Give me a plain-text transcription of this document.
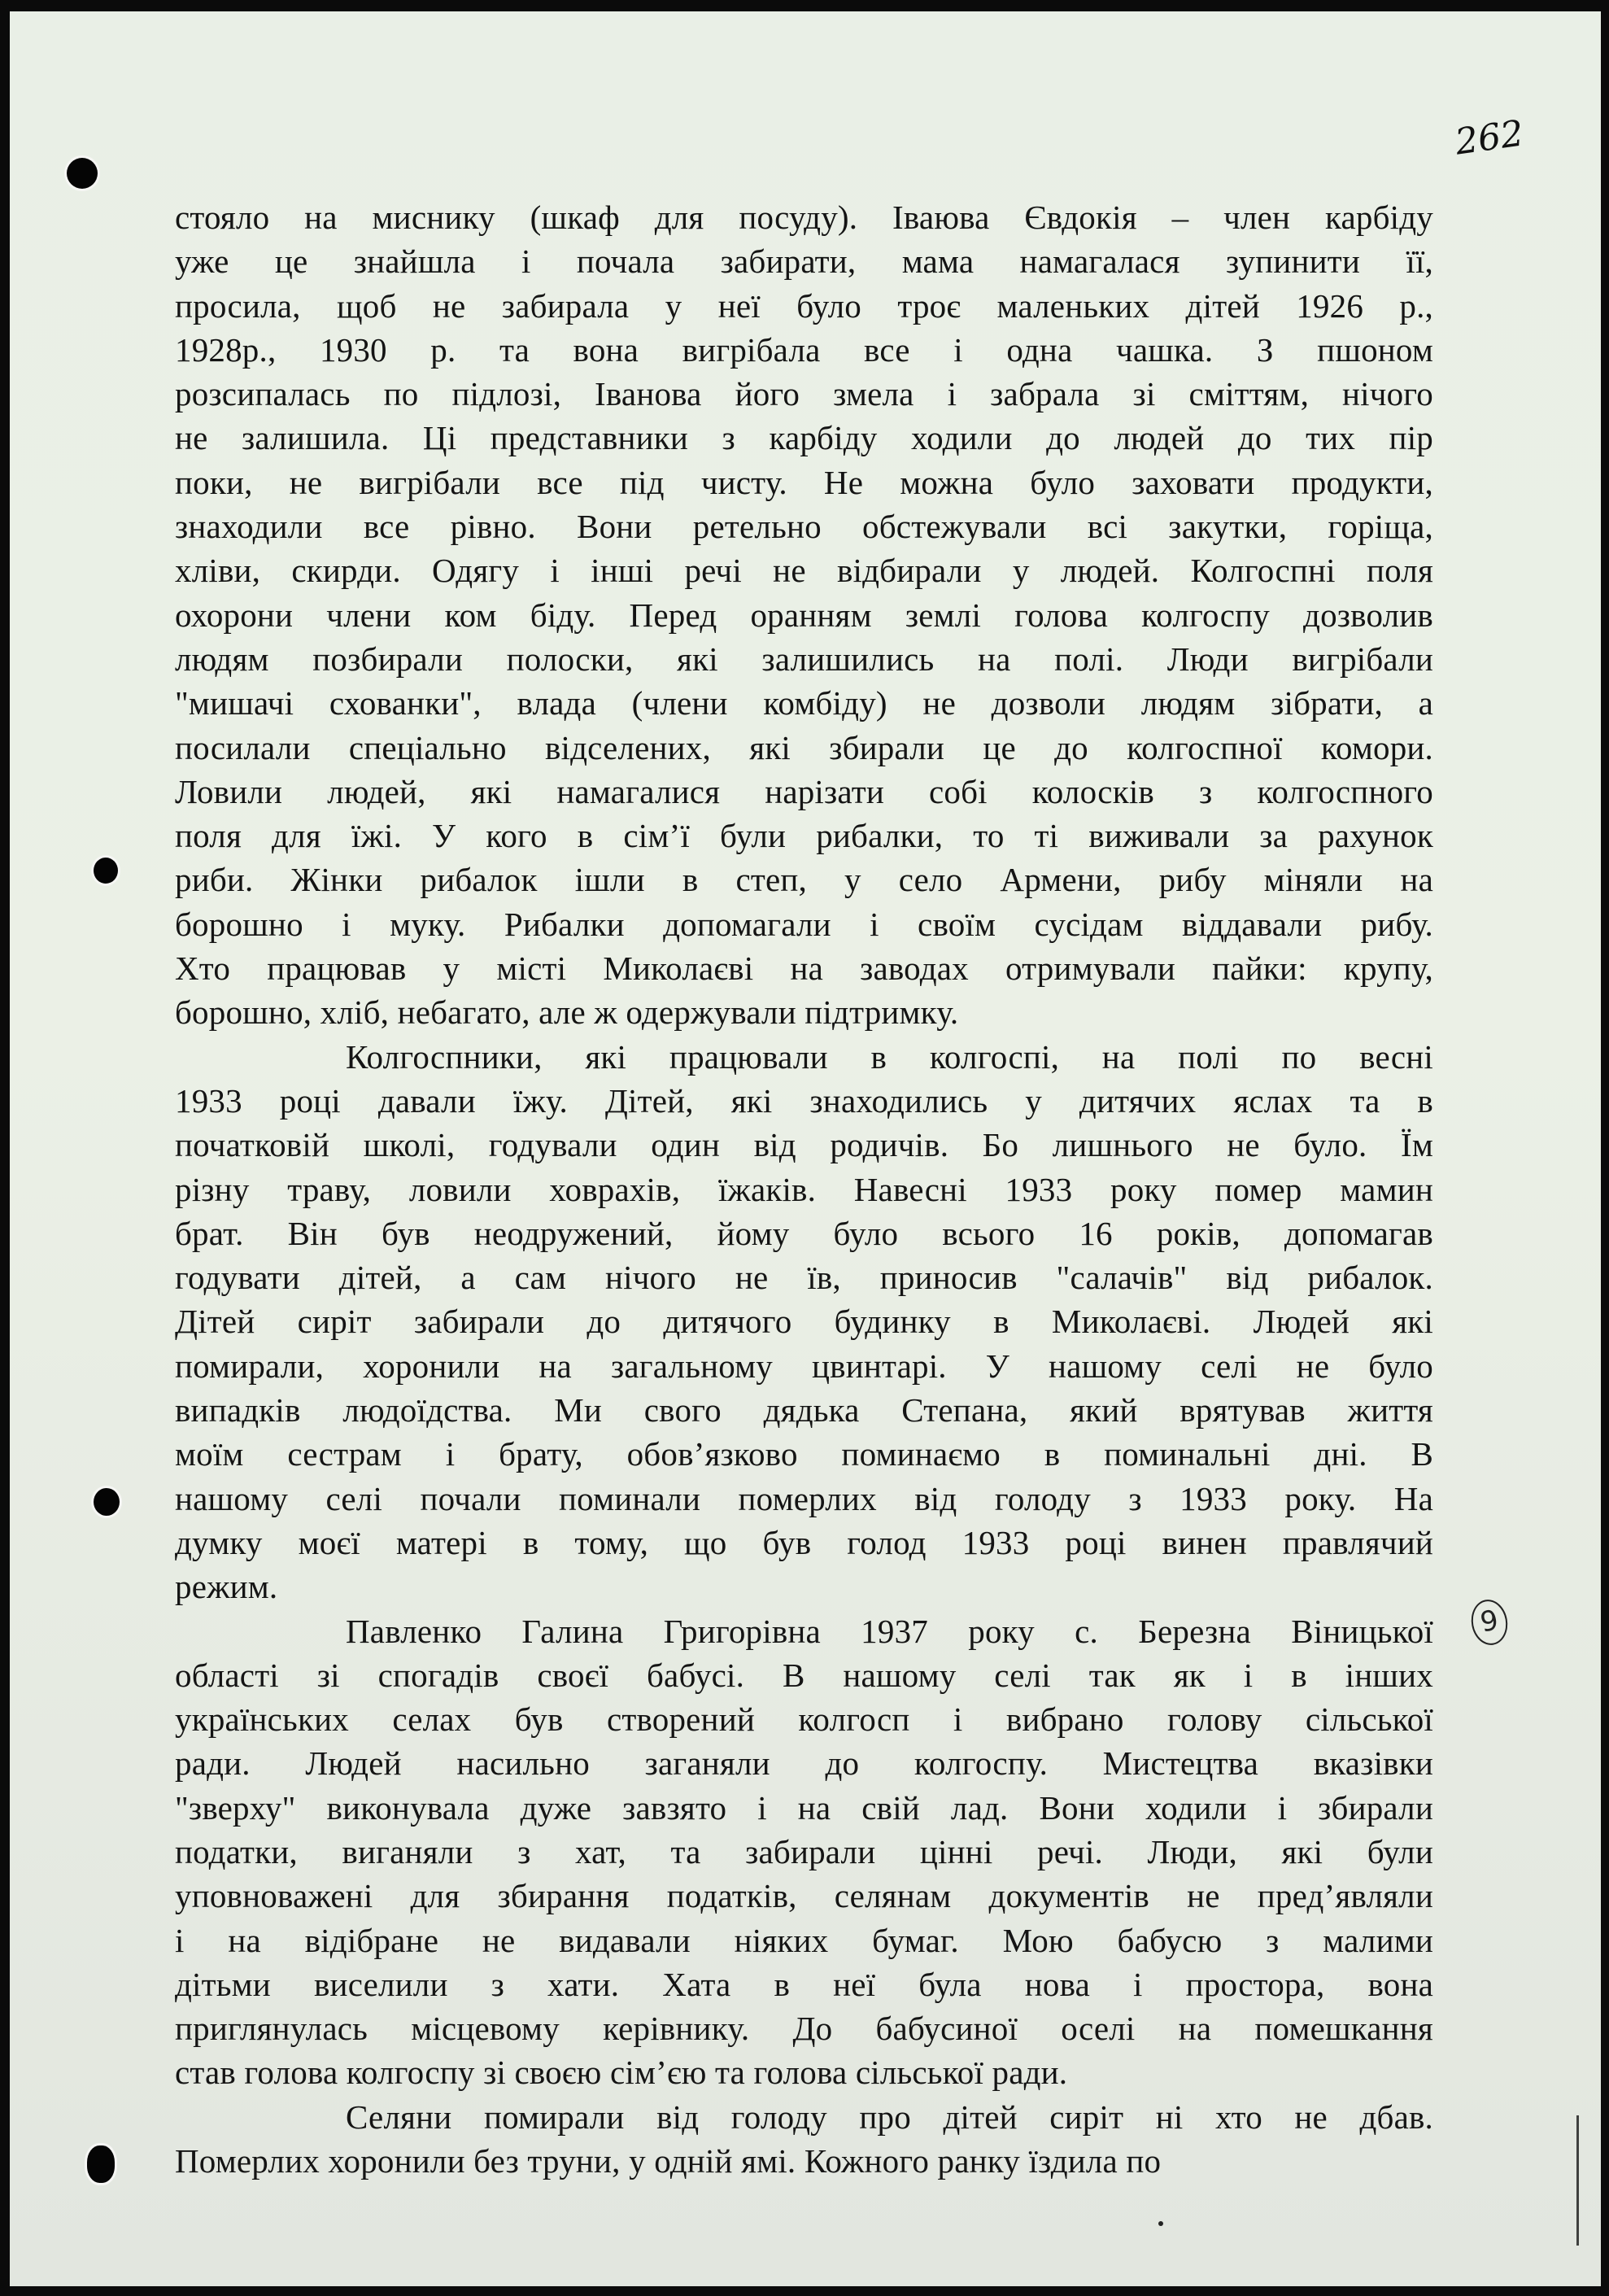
262
9
стояло на миснику (шкаф для посуду). Іваюва Євдокія – член карбіду
уже це знайшла і почала забирати, мама намагалася зупинити її,
просила, щоб не забирала у неї було троє маленьких дітей 1926 р.,
1928р., 1930 р. та вона вигрібала все і одна чашка. З пшоном
розсипалась по підлозі, Іванова його змела і забрала зі сміттям, нічого
не залишила. Ці представники з карбіду ходили до людей до тих пір
поки, не вигрібали все під чисту. Не можна було заховати продукти,
знаходили все рівно. Вони ретельно обстежували всі закутки, горіща,
хліви, скирди. Одягу і інші речі не відбирали у людей. Колгоспні поля
охорони члени ком біду. Перед оранням землі голова колгоспу дозволив
людям позбирали полоски, які залишились на полі. Люди вигрібали
"мишачі схованки", влада (члени комбіду) не дозволи людям зібрати, а
посилали спеціально відселених, які збирали це до колгоспної комори.
Ловили людей, які намагалися нарізати собі колосків з колгоспного
поля для їжі. У кого в сім’ї були рибалки, то ті виживали за рахунок
риби. Жінки рибалок ішли в степ, у село Армени, рибу міняли на
борошно і муку. Рибалки допомагали і своїм сусідам віддавали рибу.
Хто працював у місті Миколаєві на заводах отримували пайки: крупу,
борошно, хліб, небагато, але ж одержували підтримку.
Колгоспники, які працювали в колгоспі, на полі по весні
1933 році давали їжу. Дітей, які знаходились у дитячих яслах та в
початковій школі, годували один від родичів. Бо лишнього не було. Їм
різну траву, ловили ховрахів, їжаків. Навесні 1933 року помер мамин
брат. Він був неодружений, йому було всього 16 років, допомагав
годувати дітей, а сам нічого не їв, приносив "салачів" від рибалок.
Дітей сиріт забирали до дитячого будинку в Миколаєві. Людей які
помирали, хоронили на загальному цвинтарі. У нашому селі не було
випадків людоїдства. Ми свого дядька Степана, який врятував життя
моїм сестрам і брату, обов’язково поминаємо в поминальні дні. В
нашому селі почали поминали померлих від голоду з 1933 року. На
думку моєї матері в тому, що був голод 1933 році винен правлячий
режим.
Павленко Галина Григорівна 1937 року с. Березна Віницької
області зі спогадів своєї бабусі. В нашому селі так як і в інших
українських селах був створений колгосп і вибрано голову сільської
ради. Людей насильно заганяли до колгоспу. Мистецтва вказівки
"зверху" виконувала дуже завзято і на свій лад. Вони ходили і збирали
податки, виганяли з хат, та забирали цінні речі. Люди, які були
уповноважені для збирання податків, селянам документів не пред’являли
і на відібране не видавали ніяких бумаг. Мою бабусю з малими
дітьми виселили з хати. Хата в неї була нова і простора, вона
приглянулась місцевому керівнику. До бабусиної оселі на помешкання
став голова колгоспу зі своєю сім’єю та голова сільської ради.
Селяни помирали від голоду про дітей сиріт ні хто не дбав.
Померлих хоронили без труни, у одній ямі. Кожного ранку їздила по
